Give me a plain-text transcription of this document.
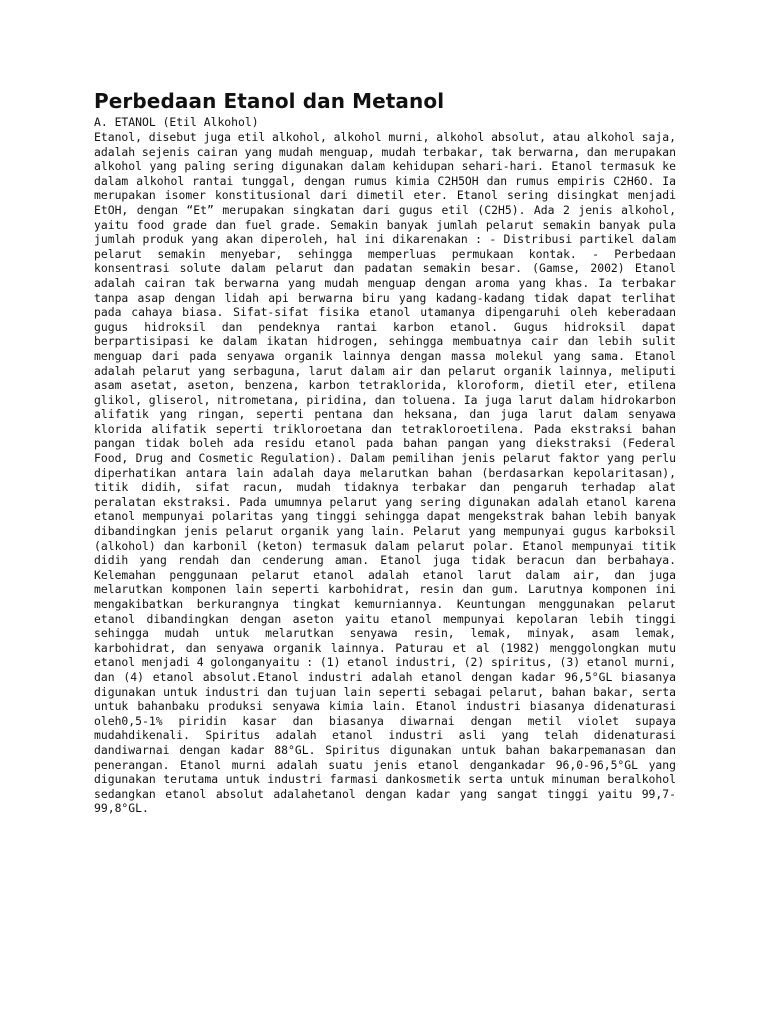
Perbedaan Etanol dan Metanol

A. ETANOL (Etil Alkohol)

Etanol, disebut juga etil alkohol, alkohol murni, alkohol absolut, atau alkohol saja, adalah sejenis cairan yang mudah menguap, mudah terbakar, tak berwarna, dan merupakan alkohol yang paling sering digunakan dalam kehidupan sehari-hari. Etanol termasuk ke dalam alkohol rantai tunggal, dengan rumus kimia C2H5OH dan rumus empiris C2H6O. Ia merupakan isomer konstitusional dari dimetil eter. Etanol sering disingkat menjadi EtOH, dengan “Et” merupakan singkatan dari gugus etil (C2H5). Ada 2 jenis alkohol, yaitu food grade dan fuel grade. Semakin banyak jumlah pelarut semakin banyak pula jumlah produk yang akan diperoleh, hal ini dikarenakan : - Distribusi partikel dalam pelarut semakin menyebar, sehingga memperluas permukaan kontak. - Perbedaan konsentrasi solute dalam pelarut dan padatan semakin besar. (Gamse, 2002) Etanol adalah cairan tak berwarna yang mudah menguap dengan aroma yang khas. Ia terbakar tanpa asap dengan lidah api berwarna biru yang kadang-kadang tidak dapat terlihat pada cahaya biasa. Sifat-sifat fisika etanol utamanya dipengaruhi oleh keberadaan gugus hidroksil dan pendeknya rantai karbon etanol. Gugus hidroksil dapat berpartisipasi ke dalam ikatan hidrogen, sehingga membuatnya cair dan lebih sulit menguap dari pada senyawa organik lainnya dengan massa molekul yang sama. Etanol adalah pelarut yang serbaguna, larut dalam air dan pelarut organik lainnya, meliputi asam asetat, aseton, benzena, karbon tetraklorida, kloroform, dietil eter, etilena glikol, gliserol, nitrometana, piridina, dan toluena. Ia juga larut dalam hidrokarbon alifatik yang ringan, seperti pentana dan heksana, dan juga larut dalam senyawa klorida alifatik seperti trikloroetana dan tetrakloroetilena. Pada ekstraksi bahan pangan tidak boleh ada residu etanol pada bahan pangan yang diekstraksi (Federal Food, Drug and Cosmetic Regulation). Dalam pemilihan jenis pelarut faktor yang perlu diperhatikan antara lain adalah daya melarutkan bahan (berdasarkan kepolaritasan), titik didih, sifat racun, mudah tidaknya terbakar dan pengaruh terhadap alat peralatan ekstraksi. Pada umumnya pelarut yang sering digunakan adalah etanol karena etanol mempunyai polaritas yang tinggi sehingga dapat mengekstrak bahan lebih banyak dibandingkan jenis pelarut organik yang lain. Pelarut yang mempunyai gugus karboksil (alkohol) dan karbonil (keton) termasuk dalam pelarut polar. Etanol mempunyai titik didih yang rendah dan cenderung aman. Etanol juga tidak beracun dan berbahaya. Kelemahan penggunaan pelarut etanol adalah etanol larut dalam air, dan juga melarutkan komponen lain seperti karbohidrat, resin dan gum. Larutnya komponen ini mengakibatkan berkurangnya tingkat kemurniannya. Keuntungan menggunakan pelarut etanol dibandingkan dengan aseton yaitu etanol mempunyai kepolaran lebih tinggi sehingga mudah untuk melarutkan senyawa resin, lemak, minyak, asam lemak, karbohidrat, dan senyawa organik lainnya. Paturau et al (1982) menggolongkan mutu etanol menjadi 4 golonganyaitu : (1) etanol industri, (2) spiritus, (3) etanol murni, dan (4) etanol absolut.Etanol industri adalah etanol dengan kadar 96,5°GL biasanya digunakan untuk industri dan tujuan lain seperti sebagai pelarut, bahan bakar, serta untuk bahanbaku produksi senyawa kimia lain. Etanol industri biasanya didenaturasi oleh0,5-1% piridin kasar dan biasanya diwarnai dengan metil violet supaya mudahdikenali. Spiritus adalah etanol industri asli yang telah didenaturasi dandiwarnai dengan kadar 88°GL. Spiritus digunakan untuk bahan bakarpemanasan dan penerangan. Etanol murni adalah suatu jenis etanol dengankadar 96,0-96,5°GL yang digunakan terutama untuk industri farmasi dankosmetik serta untuk minuman beralkohol sedangkan etanol absolut adalahetanol dengan kadar yang sangat tinggi yaitu 99,7-99,8°GL.
